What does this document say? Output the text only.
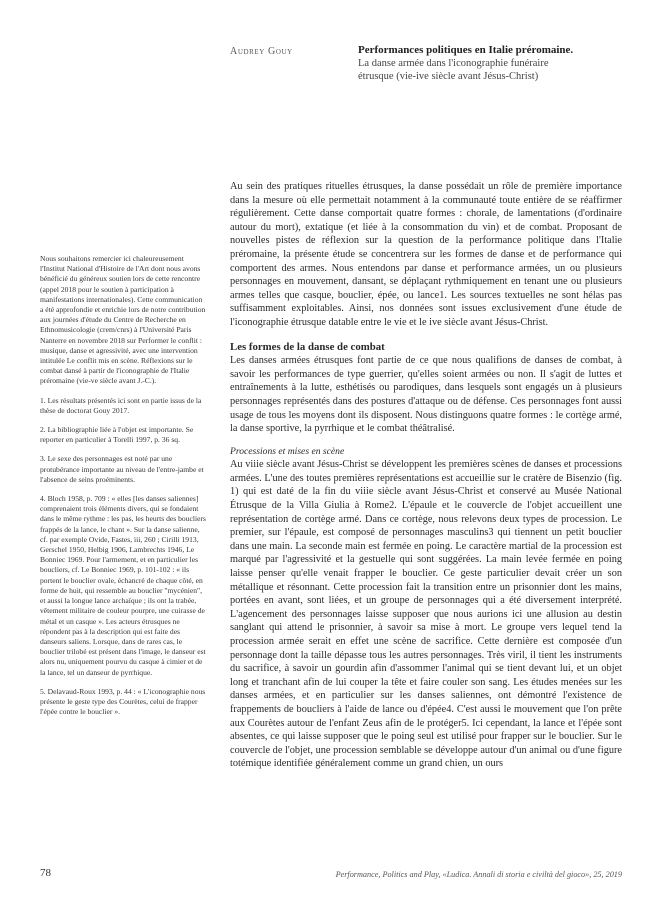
Audrey Gouy	Performances politiques en Italie préromaine.
La danse armée dans l'iconographie funéraire
étrusque (vie-ive siècle avant Jésus-Christ)

Nous souhaitons remercier ici chaleureusement l'Institut National d'Histoire de l'Art dont nous avons bénéficié du généreux soutien lors de cette rencontre (appel 2018 pour le soutien à participation à manifestations internationales). Cette communication a été approfondie et enrichie lors de notre contribution aux journées d'étude du Centre de Recherche en Ethnomusicologie (crem/cnrs) à l'Université Paris Nanterre en novembre 2018 sur Performer le conflit : musique, danse et agressivité, avec une intervention intitulée Le conflit mis en scène. Réflexions sur le combat dansé à partir de l'iconographie de l'Italie préromaine (vie-ve siècle avant J.-C.).

1. Les résultats présentés ici sont en partie issus de la thèse de doctorat Gouy 2017.

2. La bibliographie liée à l'objet est importante. Se reporter en particulier à Torelli 1997, p. 36 sq.

3. Le sexe des personnages est noté par une protubérance importante au niveau de l'entre-jambe et l'absence de seins proéminents.

4. Bloch 1958, p. 709 : « elles [les danses saliennes] comprenaient trois éléments divers, qui se fondaient dans le même rythme : les pas, les heurts des boucliers frappés de la lance, le chant ». Sur la danse salienne, cf. par exemple Ovide, Fastes, iii, 260 ; Cirilli 1913, Gerschel 1950, Helbig 1906, Lambrechts 1946, Le Bonniec 1969. Pour l'armement, et en particulier les boucliers, cf. Le Bonniec 1969, p. 101-102 : « ils portent le bouclier ovale, échancré de chaque côté, en forme de huit, qui ressemble au bouclier "mycénien", et aussi la longue lance archaïque ; ils ont la trabée, vêtement militaire de couleur pourpre, une cuirasse de métal et un casque ». Les acteurs étrusques ne répondent pas à la description qui est faite des danseurs saliens. Lorsque, dans de rares cas, le bouclier trilobé est présent dans l'image, le danseur est alors nu, uniquement pourvu du casque à cimier et de la lance, tel un danseur de pyrrhique.

5. Delavaud-Roux 1993, p. 44 : « L'iconographie nous présente le geste type des Courètes, celui de frapper l'épée contre le bouclier ».

Au sein des pratiques rituelles étrusques, la danse possédait un rôle de première importance dans la mesure où elle permettait notamment à la communauté toute entière de se réaffirmer régulièrement. Cette danse comportait quatre formes : chorale, de lamentations (d'ordinaire autour du mort), extatique (et liée à la consommation du vin) et de combat. Proposant de nouvelles pistes de réflexion sur la question de la performance politique dans l'Italie préromaine, la présente étude se concentrera sur les formes de danse et de performance qui comportent des armes. Nous entendons par danse et performance armées, un ou plusieurs personnages en mouvement, dansant, se déplaçant rythmiquement en tenant une ou plusieurs armes telles que casque, bouclier, épée, ou lance1. Les sources textuelles ne sont hélas pas suffisamment exploitables. Ainsi, nos données sont issues exclusivement d'une étude de l'iconographie étrusque datable entre le vie et le ive siècle avant Jésus-Christ.

Les formes de la danse de combat

Les danses armées étrusques font partie de ce que nous qualifions de danses de combat, à savoir les performances de type guerrier, qu'elles soient armées ou non. Il s'agit de luttes et entraînements à la lutte, esthétisés ou parodiques, dans lesquels sont engagés un à plusieurs personnages représentés dans des postures d'attaque ou de défense. Ces personnages font aussi usage de tous les moyens dont ils disposent. Nous distinguons quatre formes : le cortège armé, la danse sportive, la pyrrhique et le combat théâtralisé.

Processions et mises en scène

Au viiie siècle avant Jésus-Christ se développent les premières scènes de danses et processions armées. L'une des toutes premières représentations est accueillie sur le cratère de Bisenzio (fig. 1) qui est daté de la fin du viiie siècle avant Jésus-Christ et conservé au Musée National Étrusque de la Villa Giulia à Rome2. L'épaule et le couvercle de l'objet accueillent une représentation de cortège armé. Dans ce cortège, nous relevons deux types de procession. Le premier, sur l'épaule, est composé de personnages masculins3 qui tiennent un petit bouclier dans une main. La seconde main est fermée en poing. Le caractère martial de la procession est marqué par l'agressivité et la gestuelle qui sont suggérées. La main levée fermée en poing laisse penser qu'elle venait frapper le bouclier. Ce geste particulier devait créer un son métallique et résonnant. Cette procession fait la transition entre un prisonnier dont les mains, portées en avant, sont liées, et un groupe de personnages qui a été diversement interprété. L'agencement des personnages laisse supposer que nous aurions ici une allusion au destin sanglant qui attend le prisonnier, à savoir sa mise à mort. Le groupe vers lequel tend la procession armée serait en effet une scène de sacrifice. Cette dernière est composée d'un personnage dont la taille dépasse tous les autres personnages. Très viril, il tient les instruments du sacrifice, à savoir un gourdin afin d'assommer l'animal qui se tient devant lui, et un objet long et tranchant afin de lui couper la tête et faire couler son sang. Les études menées sur les danses armées, et en particulier sur les danses saliennes, ont démontré l'existence de frappements de boucliers à l'aide de lance ou d'épée4. C'est aussi le mouvement que l'on prête aux Courètes autour de l'enfant Zeus afin de le protéger5. Ici cependant, la lance et l'épée sont absentes, ce qui laisse supposer que le poing seul est utilisé pour frapper sur le bouclier. Sur le couvercle de l'objet, une procession semblable se développe autour d'un animal ou d'une figure totémique identifiée généralement comme un grand chien, un ours

78	Performance, Politics and Play, «Ludica. Annali di storia e civiltà del gioco», 25, 2019
